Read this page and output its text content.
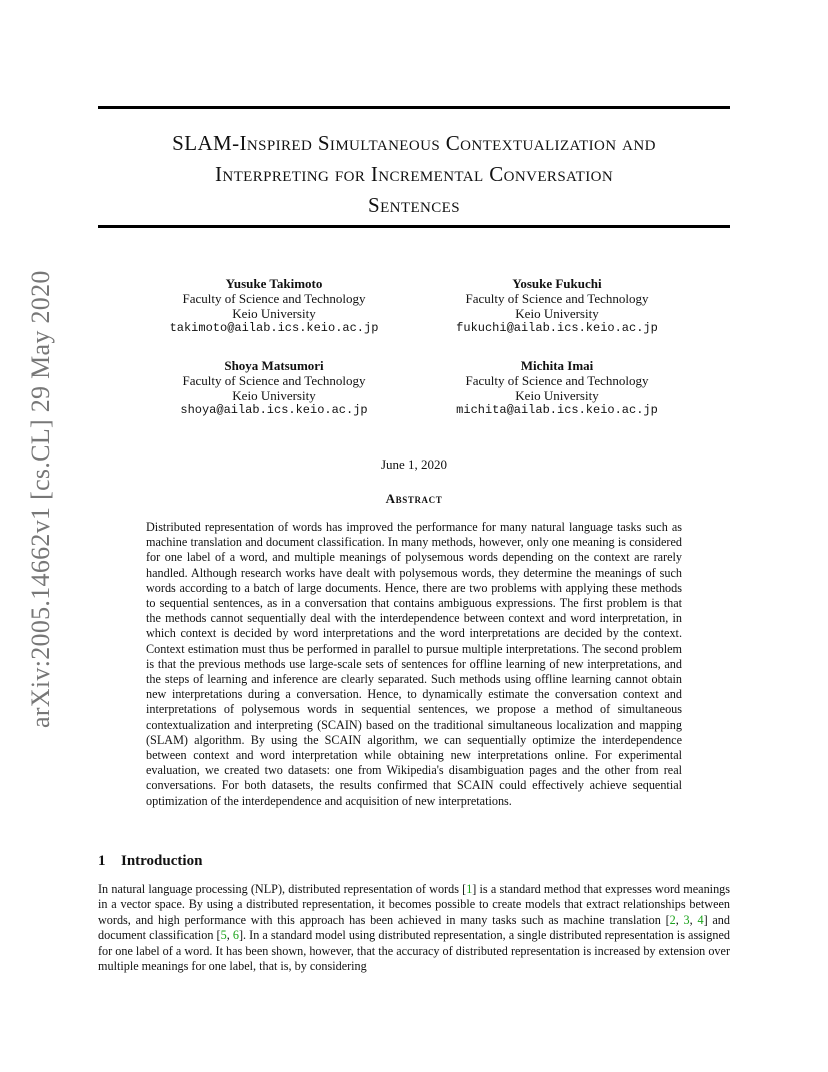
SLAM-Inspired Simultaneous Contextualization and
Interpreting for Incremental Conversation
Sentences
arXiv:2005.14662v1 [cs.CL] 29 May 2020	Yusuke Takimoto
Faculty of Science and Technology
Keio University
takimoto@ailab.ics.keio.ac.jp
Yosuke Fukuchi
Faculty of Science and Technology
Keio University
fukuchi@ailab.ics.keio.ac.jp
Shoya Matsumori
Faculty of Science and Technology
Keio University
shoya@ailab.ics.keio.ac.jp
Michita Imai
Faculty of Science and Technology
Keio University
michita@ailab.ics.keio.ac.jp
June 1, 2020
Abstract

Distributed representation of words has improved the performance for many natural language tasks such as machine translation and document classification. In many methods, however, only one meaning is considered for one label of a word, and multiple meanings of polysemous words depending on the context are rarely handled. Although research works have dealt with polysemous words, they determine the meanings of such words according to a batch of large documents. Hence, there are two problems with applying these methods to sequential sentences, as in a conversation that contains ambiguous expressions. The first problem is that the methods cannot sequentially deal with the interdependence between context and word interpretation, in which context is decided by word interpretations and the word interpretations are decided by the context. Context estimation must thus be performed in parallel to pursue multiple interpretations. The second problem is that the previous methods use large-scale sets of sentences for offline learning of new interpretations, and the steps of learning and inference are clearly separated. Such methods using offline learning cannot obtain new interpretations during a conversation. Hence, to dynamically estimate the conversation context and interpretations of polysemous words in sequential sentences, we propose a method of simultaneous contextualization and interpreting (SCAIN) based on the traditional simultaneous localization and mapping (SLAM) algorithm. By using the SCAIN algorithm, we can sequentially optimize the interdependence between context and word interpretation while obtaining new interpretations online. For experimental evaluation, we created two datasets: one from Wikipedia's disambiguation pages and the other from real conversations. For both datasets, the results confirmed that SCAIN could effectively achieve sequential optimization of the interdependence and acquisition of new interpretations.

1 Introduction

In natural language processing (NLP), distributed representation of words [1] is a standard method that expresses word meanings in a vector space. By using a distributed representation, it becomes possible to create models that extract relationships between words, and high performance with this approach has been achieved in many tasks such as machine translation [2, 3, 4] and document classification [5, 6]. In a standard model using distributed representation, a single distributed representation is assigned for one label of a word. It has been shown, however, that the accuracy of distributed representation is increased by extension over multiple meanings for one label, that is, by considering
